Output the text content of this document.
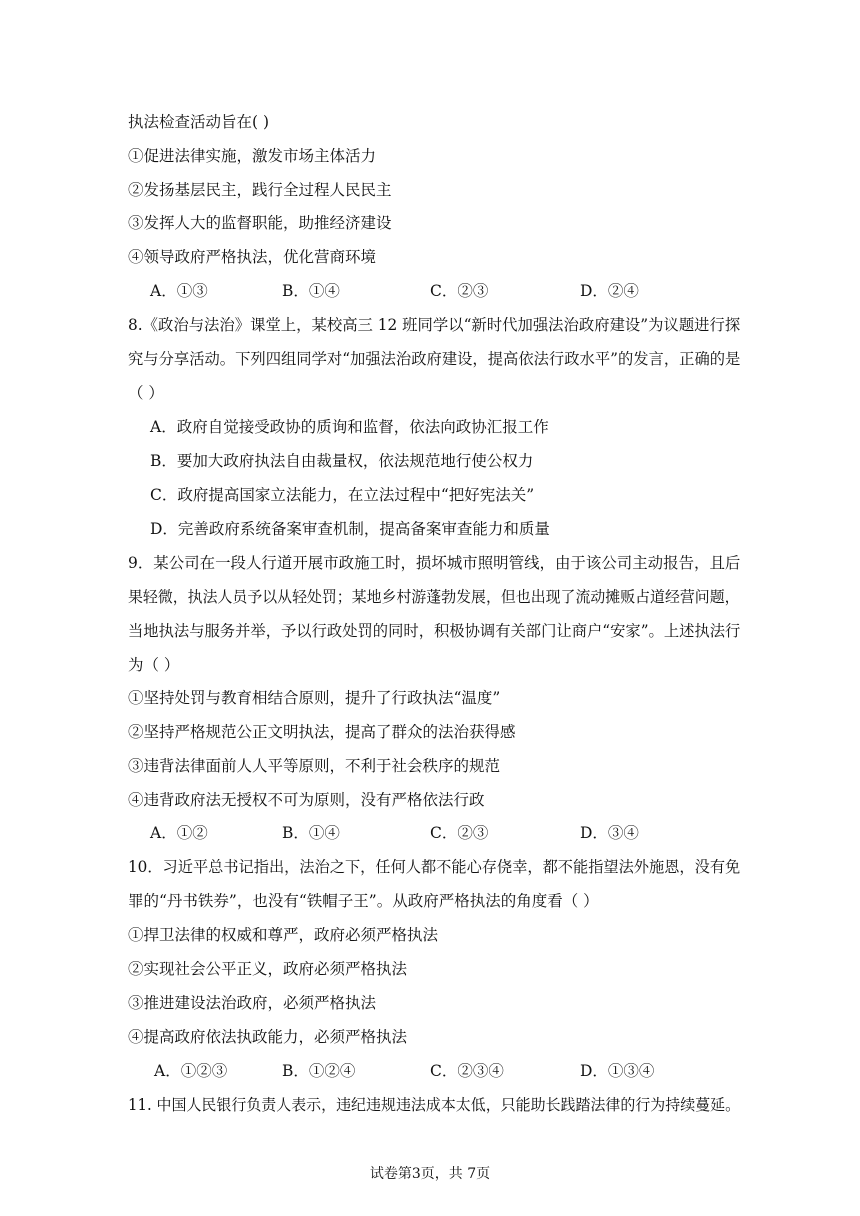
执法检查活动旨在( )
①促进法律实施，激发市场主体活力
②发扬基层民主，践行全过程人民民主
③发挥人大的监督职能，助推经济建设
④领导政府严格执法，优化营商环境
A．①③	B．①④	C．②③	D．②④
8.《政治与法治》课堂上，某校高三 12 班同学以“新时代加强法治政府建设”为议题进行探
究与分享活动。下列四组同学对“加强法治政府建设，提高依法行政水平”的发言，正确的是
（ ）
A．政府自觉接受政协的质询和监督，依法向政协汇报工作
B．要加大政府执法自由裁量权，依法规范地行使公权力
C．政府提高国家立法能力，在立法过程中“把好宪法关”
D．完善政府系统备案审查机制，提高备案审查能力和质量
9．某公司在一段人行道开展市政施工时，损坏城市照明管线，由于该公司主动报告，且后
果轻微，执法人员予以从轻处罚；某地乡村游蓬勃发展，但也出现了流动摊贩占道经营问题，
当地执法与服务并举，予以行政处罚的同时，积极协调有关部门让商户“安家”。上述执法行
为（ ）
①坚持处罚与教育相结合原则，提升了行政执法“温度”
②坚持严格规范公正文明执法，提高了群众的法治获得感
③违背法律面前人人平等原则，不利于社会秩序的规范
④违背政府法无授权不可为原则，没有严格依法行政
A．①②	B．①④	C．②③	D．③④
10．习近平总书记指出，法治之下，任何人都不能心存侥幸，都不能指望法外施恩，没有免
罪的“丹书铁券”，也没有“铁帽子王”。从政府严格执法的角度看（ ）
①捍卫法律的权威和尊严，政府必须严格执法
②实现社会公平正义，政府必须严格执法
③推进建设法治政府，必须严格执法
④提高政府依法执政能力，必须严格执法
A．①②③	B．①②④	C．②③④	D．①③④
11. 中国人民银行负责人表示，违纪违规违法成本太低，只能助长践踏法律的行为持续蔓延。
试卷第3页，共 7页
